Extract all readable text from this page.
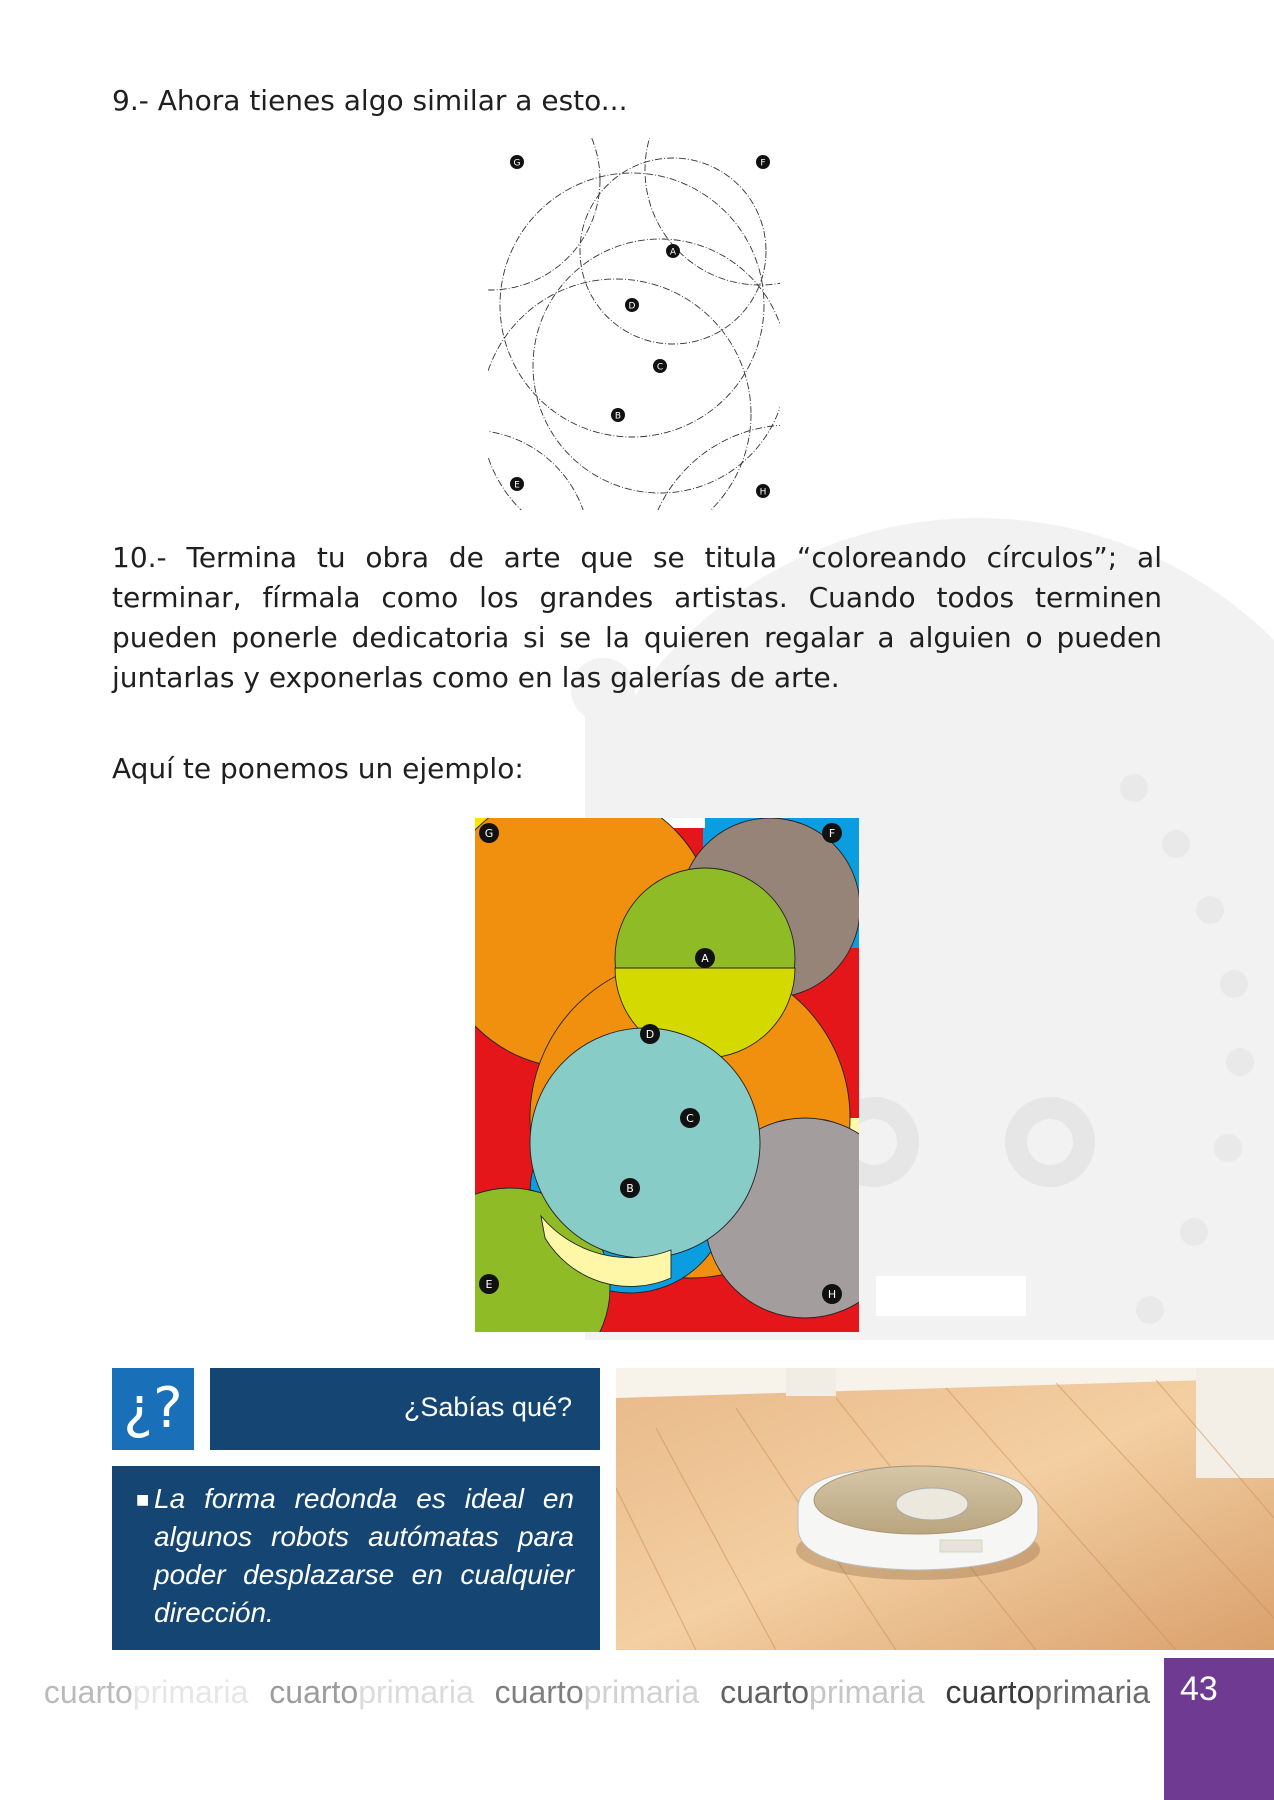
9.- Ahora tienes algo similar a esto...
G	F
A
D
C
B
E
H
10.- Termina tu obra de arte que se titula “coloreando círculos”; al terminar, fírmala como los grandes artistas. Cuando todos terminen pueden ponerle dedicatoria si se la quieren regalar a alguien o pueden juntarlas y exponerlas como en las galerías de arte.
Aquí te ponemos un ejemplo:
G	F
A
D
C
B
E
H
¿?	¿Sabías qué?
■ La forma redonda es ideal en algunos robots autómatas para poder desplazarse en cualquier dirección.

cuartoprimaria cuartoprimaria cuartoprimaria cuartoprimaria cuartoprimaria 43
